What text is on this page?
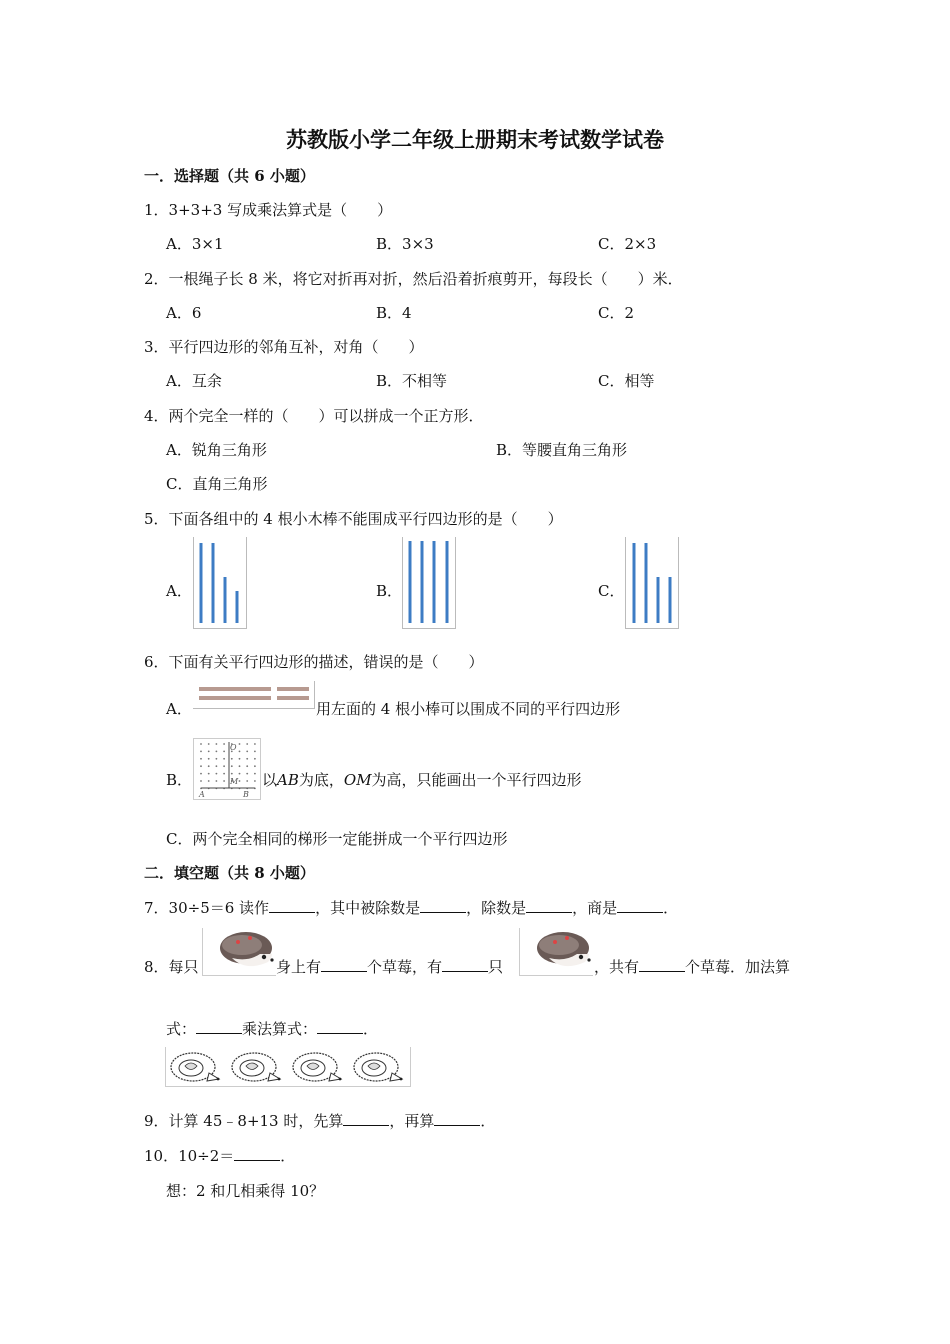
苏教版小学二年级上册期末考试数学试卷
一．选择题（共 6 小题）
1．3+3+3 写成乘法算式是（　　）
A．3×1	B．3×3	C．2×3
2．一根绳子长 8 米，将它对折再对折，然后沿着折痕剪开，每段长（　　）米．
A．6	B．4	C．2
3．平行四边形的邻角互补，对角（　　）
A．互余	B．不相等	C．相等
4．两个完全一样的（　　）可以拼成一个正方形．
A．锐角三角形	B．等腰直角三角形
C．直角三角形
5．下面各组中的 4 根小木棒不能围成平行四边形的是（　　）
A．	B．	C．
6．下面有关平行四边形的描述，错误的是（　　）
A．	用左面的 4 根小棒可以围成不同的平行四边形
B．
O
M
A	B
以AB为底，OM为高，只能画出一个平行四边形
C．两个完全相同的梯形一定能拼成一个平行四边形
二．填空题（共 8 小题）
7．30÷5＝6 读作	，其中被除数是	，除数是	，商是	．
8．每只	身上有	个草莓，有	只	，共有	个草莓．加法算
式：	乘法算式：	．
9．计算 45﹣8+13 时，先算	，再算	．
10．10÷2＝	．
想：2 和几相乘得 10？
